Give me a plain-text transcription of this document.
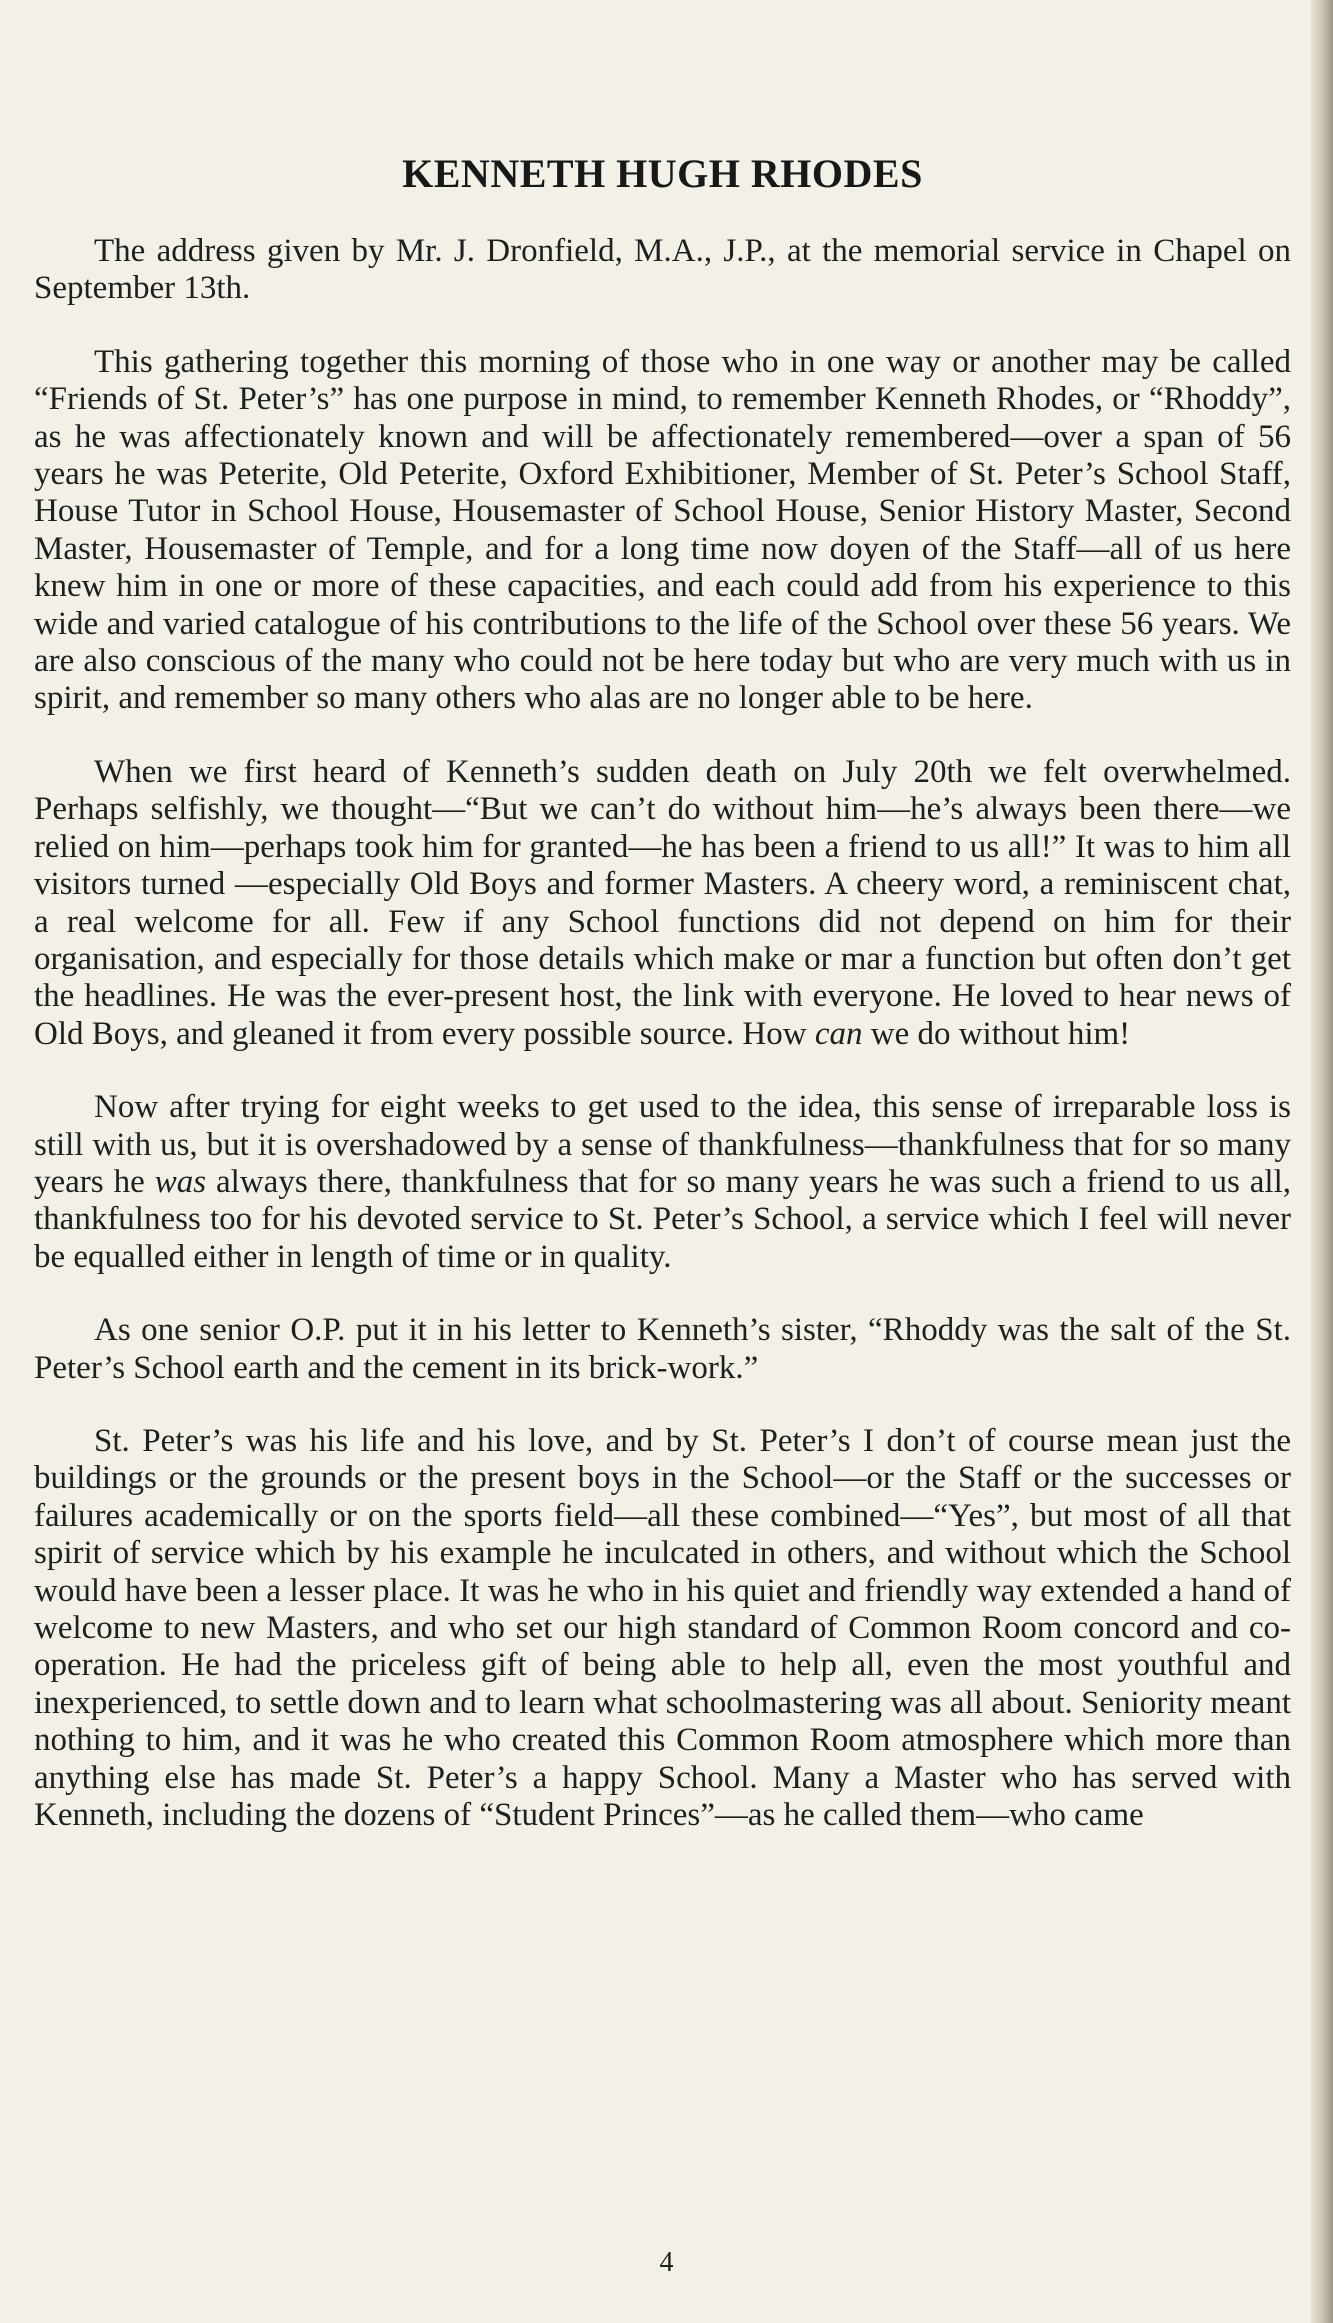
KENNETH HUGH RHODES

The address given by Mr. J. Dronfield, M.A., J.P., at the memorial service in Chapel on September 13th.

This gathering together this morning of those who in one way or another may be called “Friends of St. Peter’s” has one purpose in mind, to remember Kenneth Rhodes, or “Rhoddy”, as he was affectionately known and will be affectionately remembered—over a span of 56 years he was Peterite, Old Peterite, Oxford Exhibitioner, Member of St. Peter’s School Staff, House Tutor in School House, Housemaster of School House, Senior History Master, Second Master, Housemaster of Temple, and for a long time now doyen of the Staff—all of us here knew him in one or more of these capacities, and each could add from his experience to this wide and varied catalogue of his contributions to the life of the School over these 56 years. We are also conscious of the many who could not be here today but who are very much with us in spirit, and remember so many others who alas are no longer able to be here.

When we first heard of Kenneth’s sudden death on July 20th we felt overwhelmed. Perhaps selfishly, we thought—“But we can’t do without him—he’s always been there—we relied on him—perhaps took him for granted—he has been a friend to us all!” It was to him all visitors turned —especially Old Boys and former Masters. A cheery word, a reminiscent chat, a real welcome for all. Few if any School functions did not depend on him for their organisation, and especially for those details which make or mar a function but often don’t get the headlines. He was the ever-present host, the link with everyone. He loved to hear news of Old Boys, and gleaned it from every possible source. How can we do without him!

Now after trying for eight weeks to get used to the idea, this sense of irreparable loss is still with us, but it is overshadowed by a sense of thankfulness—thankfulness that for so many years he was always there, thankfulness that for so many years he was such a friend to us all, thankfulness too for his devoted service to St. Peter’s School, a service which I feel will never be equalled either in length of time or in quality.

As one senior O.P. put it in his letter to Kenneth’s sister, “Rhoddy was the salt of the St. Peter’s School earth and the cement in its brick-work.”

St. Peter’s was his life and his love, and by St. Peter’s I don’t of course mean just the buildings or the grounds or the present boys in the School—or the Staff or the successes or failures academically or on the sports field—all these combined—“Yes”, but most of all that spirit of service which by his example he inculcated in others, and without which the School would have been a lesser place. It was he who in his quiet and friendly way extended a hand of welcome to new Masters, and who set our high standard of Common Room concord and co-operation. He had the priceless gift of being able to help all, even the most youthful and inexperienced, to settle down and to learn what schoolmastering was all about. Seniority meant nothing to him, and it was he who created this Common Room atmosphere which more than anything else has made St. Peter’s a happy School. Many a Master who has served with Kenneth, including the dozens of “Student Princes”—as he called them—who came

4
